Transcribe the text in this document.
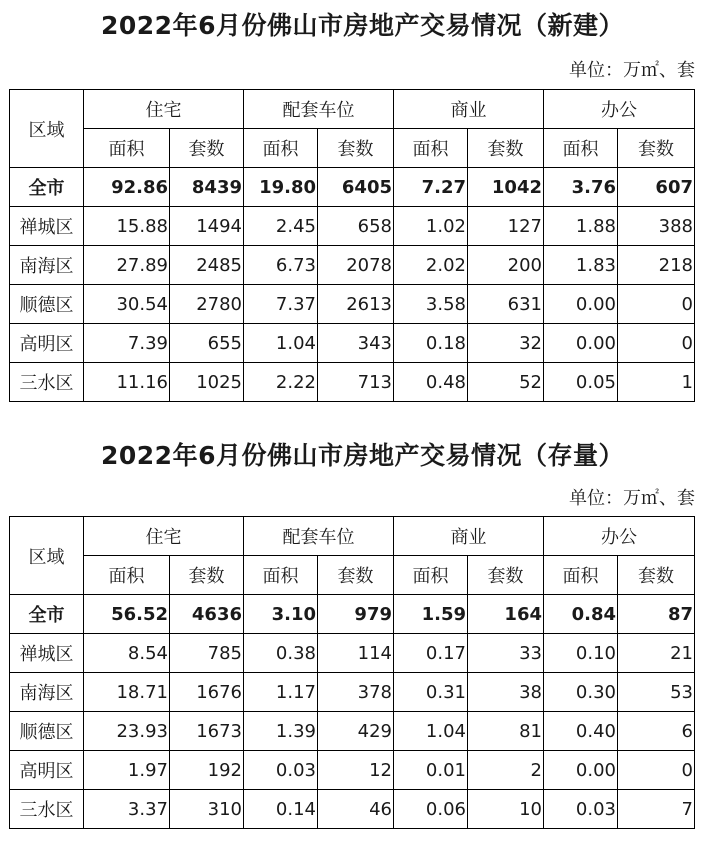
2022年6月份佛山市房地产交易情况（新建）
单位：万㎡、套
区域	住宅		配套车位		商业		办公	
	面积	套数	面积	套数	面积	套数	面积	套数
全市	92.86	8439	19.80	6405	7.27	1042	3.76	607
禅城区	15.88	1494	2.45	658	1.02	127	1.88	388
南海区	27.89	2485	6.73	2078	2.02	200	1.83	218
顺德区	30.54	2780	7.37	2613	3.58	631	0.00	0
高明区	7.39	655	1.04	343	0.18	32	0.00	0
三水区	11.16	1025	2.22	713	0.48	52	0.05	1
2022年6月份佛山市房地产交易情况（存量）
单位：万㎡、套
区域	住宅		配套车位		商业		办公	
	面积	套数	面积	套数	面积	套数	面积	套数
全市	56.52	4636	3.10	979	1.59	164	0.84	87
禅城区	8.54	785	0.38	114	0.17	33	0.10	21
南海区	18.71	1676	1.17	378	0.31	38	0.30	53
顺德区	23.93	1673	1.39	429	1.04	81	0.40	6
高明区	1.97	192	0.03	12	0.01	2	0.00	0
三水区	3.37	310	0.14	46	0.06	10	0.03	7
